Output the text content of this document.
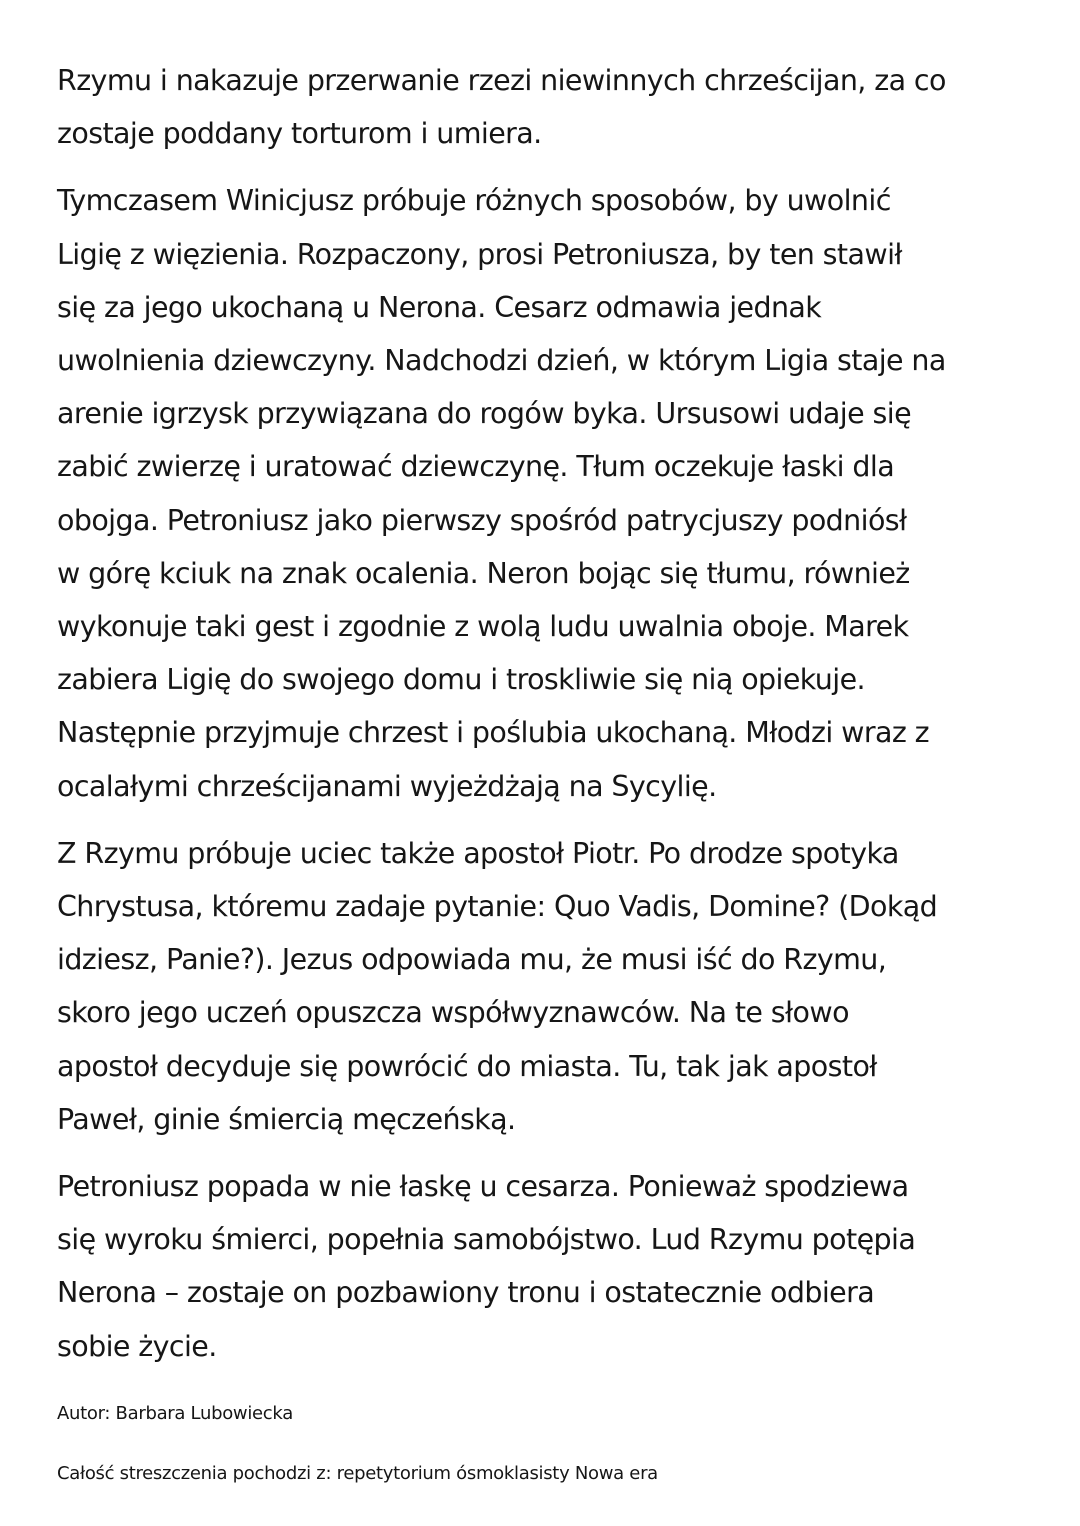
Rzymu i nakazuje przerwanie rzezi niewinnych chrześcijan, za co
zostaje poddany torturom i umiera.

Tymczasem Winicjusz próbuje różnych sposobów, by uwolnić
Ligię z więzienia. Rozpaczony, prosi Petroniusza, by ten stawił
się za jego ukochaną u Nerona. Cesarz odmawia jednak
uwolnienia dziewczyny. Nadchodzi dzień, w którym Ligia staje na
arenie igrzysk przywiązana do rogów byka. Ursusowi udaje się
zabić zwierzę i uratować dziewczynę. Tłum oczekuje łaski dla
obojga. Petroniusz jako pierwszy spośród patrycjuszy podniósł
w górę kciuk na znak ocalenia. Neron bojąc się tłumu, również
wykonuje taki gest i zgodnie z wolą ludu uwalnia oboje. Marek
zabiera Ligię do swojego domu i troskliwie się nią opiekuje.
Następnie przyjmuje chrzest i poślubia ukochaną. Młodzi wraz z
ocalałymi chrześcijanami wyjeżdżają na Sycylię.

Z Rzymu próbuje uciec także apostoł Piotr. Po drodze spotyka
Chrystusa, któremu zadaje pytanie: Quo Vadis, Domine? (Dokąd
idziesz, Panie?). Jezus odpowiada mu, że musi iść do Rzymu,
skoro jego uczeń opuszcza współwyznawców. Na te słowo
apostoł decyduje się powrócić do miasta. Tu, tak jak apostoł
Paweł, ginie śmiercią męczeńską.

Petroniusz popada w nie łaskę u cesarza. Ponieważ spodziewa
się wyroku śmierci, popełnia samobójstwo. Lud Rzymu potępia
Nerona – zostaje on pozbawiony tronu i ostatecznie odbiera
sobie życie.

Autor: Barbara Lubowiecka

Całość streszczenia pochodzi z: repetytorium ósmoklasisty Nowa era
